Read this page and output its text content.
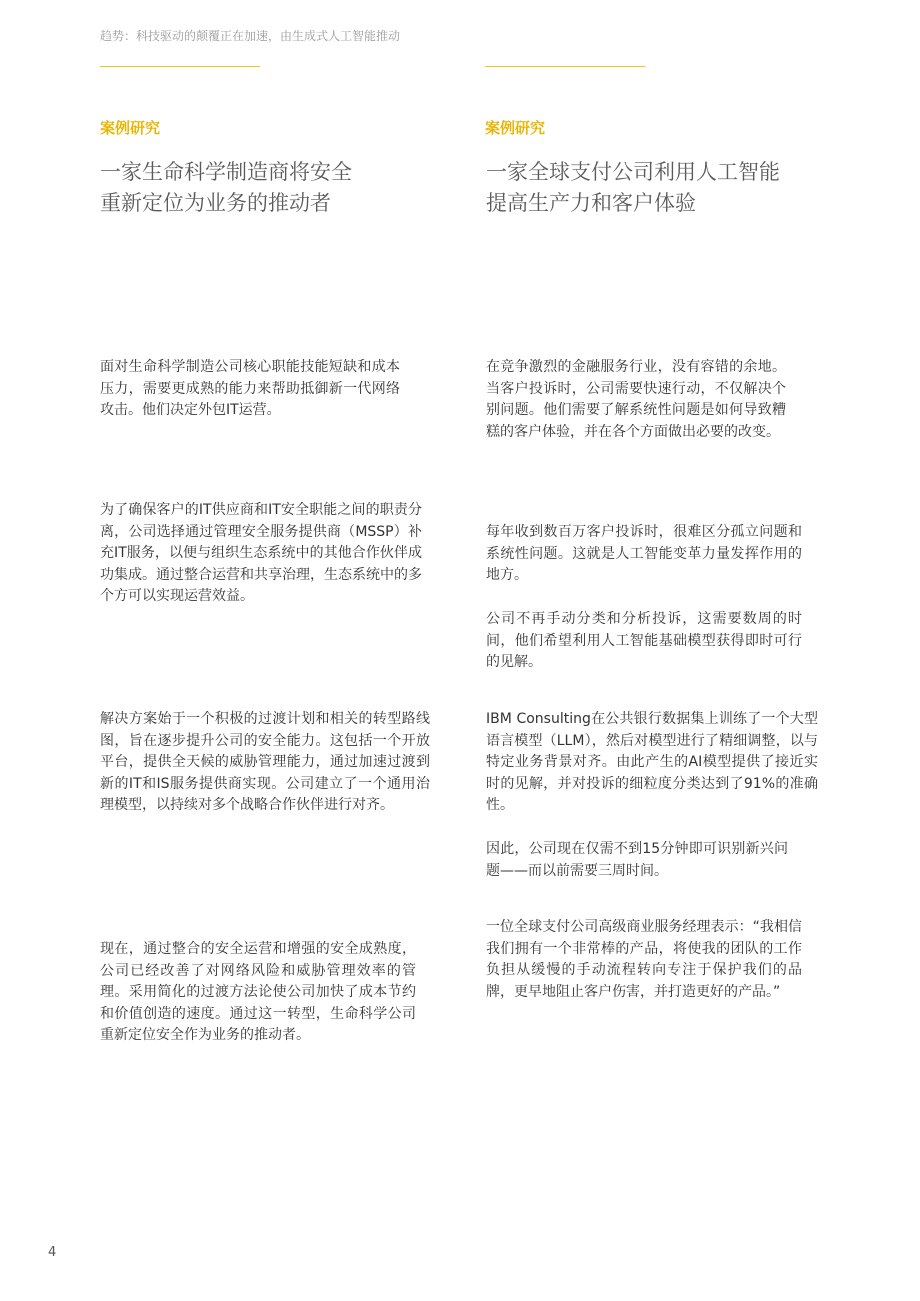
趋势：科技驱动的颠覆正在加速，由生成式人工智能推动
案例研究
一家生命科学制造商将安全
重新定位为业务的推动者

面对生命科学制造公司核心职能技能短缺和成本压力，需要更成熟的能力来帮助抵御新一代网络攻击。他们决定外包IT运营。

为了确保客户的IT供应商和IT安全职能之间的职责分离，公司选择通过管理安全服务提供商（MSSP）补充IT服务，以便与组织生态系统中的其他合作伙伴成功集成。通过整合运营和共享治理，生态系统中的多个方可以实现运营效益。

解决方案始于一个积极的过渡计划和相关的转型路线图，旨在逐步提升公司的安全能力。这包括一个开放平台，提供全天候的威胁管理能力，通过加速过渡到新的IT和IS服务提供商实现。公司建立了一个通用治理模型，以持续对多个战略合作伙伴进行对齐。

现在，通过整合的安全运营和增强的安全成熟度，公司已经改善了对网络风险和威胁管理效率的管理。采用简化的过渡方法论使公司加快了成本节约和价值创造的速度。通过这一转型，生命科学公司重新定位安全作为业务的推动者。

案例研究
一家全球支付公司利用人工智能
提高生产力和客户体验

在竞争激烈的金融服务行业，没有容错的余地。当客户投诉时，公司需要快速行动，不仅解决个别问题。他们需要了解系统性问题是如何导致糟糕的客户体验，并在各个方面做出必要的改变。

每年收到数百万客户投诉时，很难区分孤立问题和系统性问题。这就是人工智能变革力量发挥作用的地方。

公司不再手动分类和分析投诉，这需要数周的时间，他们希望利用人工智能基础模型获得即时可行的见解。

IBM Consulting在公共银行数据集上训练了一个大型语言模型（LLM），然后对模型进行了精细调整，以与特定业务背景对齐。由此产生的AI模型提供了接近实时的见解，并对投诉的细粒度分类达到了91%的准确性。

因此，公司现在仅需不到15分钟即可识别新兴问题——而以前需要三周时间。

一位全球支付公司高级商业服务经理表示：“我相信我们拥有一个非常棒的产品，将使我的团队的工作负担从缓慢的手动流程转向专注于保护我们的品牌，更早地阻止客户伤害，并打造更好的产品。”

4
